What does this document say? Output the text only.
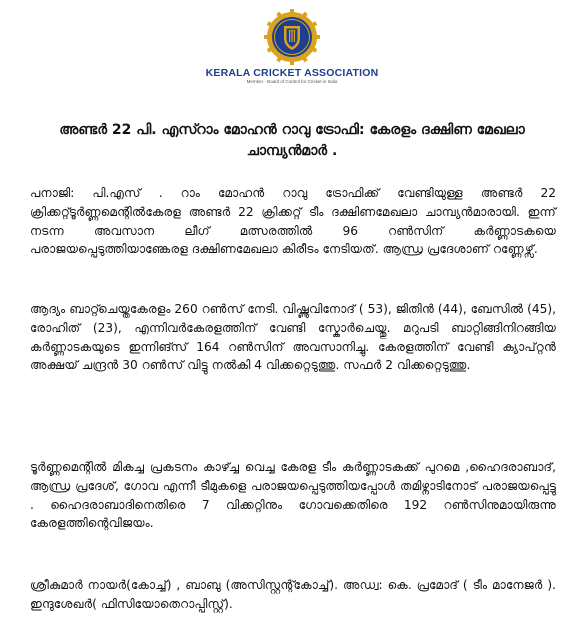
KERALA CRICKET ASSOCIATION
Member · Board of Control for Cricket in India
അണ്ടർ 22 പി. എസ്റാം മോഹൻ റാവു ട്രോഫി: കേരളം ദക്ഷിണ മേഖലാ ചാമ്പ്യൻമാർ .

പനാജി: പി.എസ് . റാം മോഹൻ റാവു ട്രോഫിക്ക് വേണ്ടിയുള്ള അണ്ടർ 22 ക്രിക്കറ്റ്ടൂർണ്ണമെന്റിൽകേരള അണ്ടർ 22 ക്രിക്കറ്റ് ടീം ദക്ഷിണമേഖലാ ചാമ്പ്യൻമാരായി. ഇന്ന് നടന്ന അവസാന ലീഗ് മത്സരത്തിൽ 96 റൺസിന് കർണ്ണാടകയെ പരാജയപ്പെടുത്തിയാണ്കേരള ദക്ഷിണമേഖലാ കിരീടം നേടിയത്. ആന്ധ്ര പ്രദേശാണ് റണ്ണേഴ്സ്.

ആദ്യം ബാറ്റ്ചെയ്തകേരളം 260 റൺസ് നേടി. വിഷ്ണുവിനോദ് ( 53), ജിതിൻ (44), ബേസിൽ (45), രോഹിത് (23), എന്നിവർകേരളത്തിന് വേണ്ടി സ്കോർചെയ്തു. മറുപടി ബാറ്റിങ്ങിനിറങ്ങിയ കർണ്ണാടകയുടെ ഇന്നിങ്സ് 164 റൺസിന് അവസാനിച്ചു. കേരളത്തിന് വേണ്ടി ക്യാപ്റ്റൻ അക്ഷയ് ചന്ദ്രൻ 30 റൺസ് വിട്ടു നൽകി 4 വിക്കറ്റെടുത്തു. സഫർ 2 വിക്കറ്റെടുത്തു.

ടൂർണ്ണമെന്റിൽ മികച്ച പ്രകടനം കാഴ്ച്ച വെച്ച കേരള ടീം കർണ്ണാടകക്ക് പുറമെ ,ഹൈദരാബാദ്, ആന്ധ്ര പ്രദേശ്, ഗോവ എന്നീ ടീമുകളെ പരാജയപ്പെടുത്തിയപ്പോൾ തമിഴ്നാടിനോട് പരാജയപ്പെട്ടു . ഹൈദരാബാദിനെതിരെ 7 വിക്കറ്റിനും ഗോവക്കെതിരെ 192 റൺസിനുമായിരുന്നു കേരളത്തിന്റെവിജയം.

ശ്രീകുമാർ നായർ(കോച്ച്) , ബാബു (അസിസ്റ്റന്റ്കോച്ച്). അഡ്വ: കെ. പ്രമോദ് ( ടീം മാനേജർ ). ഇന്ദുശേഖർ( ഫിസിയോതെറാപ്പിസ്റ്റ്).
